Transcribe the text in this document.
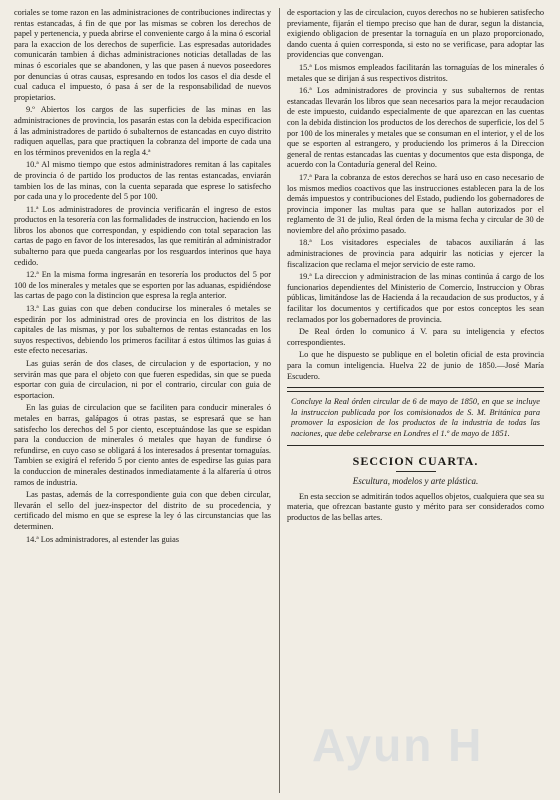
coriales se tome razon en las administraciones de contribuciones indirectas y rentas estancadas, á fin de que por las mismas se cobren los derechos de papel y pertenencia, y pueda abrirse el conveniente cargo á la mina ó escorial para la exaccion de los derechos de superficie. Las espresadas autoridades comunicarán tambien á dichas administraciones noticias detalladas de las minas ó escoriales que se abandonen, y las que pasen á nuevos poseedores por denuncias ú otras causas, espresando en todos los casos el dia desde el cual caduca el impuesto, ó pasa á ser de la responsabilidad de nuevos propietarios.

9.º Abiertos los cargos de las superficies de las minas en las administraciones de provincia, los pasarán estas con la debida especificacion á las administradores de partido ó subalternos de estancadas en cuyo distrito radiquen aquellas, para que practiquen la cobranza del importe de cada una en los términos prevenidos en la regla 4.ª

10.ª Al mismo tiempo que estos administradores remitan á las capitales de provincia ó de partido los productos de las rentas estancadas, enviarán tambien los de las minas, con la cuenta separada que esprese lo satisfecho por cada una y lo procedente del 5 por 100.

11.ª Los administradores de provincia verificarán el ingreso de estos productos en la tesorería con las formalidades de instruccion, haciendo en los libros los abonos que correspondan, y espidiendo con total separacion las cartas de pago en favor de los interesados, las que remitirán al administrador subalterno para que pueda cangearlas por los resguardos interinos que haya cedido.

12.ª En la misma forma ingresarán en tesorería los productos del 5 por 100 de los minerales y metales que se esporten por las aduanas, espidiéndose las cartas de pago con la distincion que espresa la regla anterior.

13.ª Las guias con que deben conducirse los minerales ó metales se espedirán por los administrad ores de provincia en los distritos de las capitales de las mismas, y por los subalternos de rentas estancadas en los suyos respectivos, debiendo los primeros facilitar á estos últimos las guias á este efecto necesarias.

Las guias serán de dos clases, de circulacion y de esportacion, y no servirán mas que para el objeto con que fueren espedidas, sin que se pueda esportar con guia de circulacion, ni por el contrario, circular con guia de esportacion.

En las guias de circulacion que se faciliten para conducir minerales ó metales en barras, galápagos ú otras pastas, se espresará que se han satisfecho los derechos del 5 por ciento, esceptuándose las que se espidan para la conduccion de minerales ó metales que hayan de fundirse ó refundirse, en cuyo caso se obligará á los interesados á presentar tornaguías. Tambien se exigirá el referido 5 por ciento antes de espedirse las guias para la conduccion de minerales destinados inmediatamente á la alfarería ú otros ramos de industria.

Las pastas, además de la correspondiente guia con que deben circular, llevarán el sello del juez-inspector del distrito de su procedencia, y certificado del mismo en que se esprese la ley ó las circunstancias que las determinen.

14.ª Los administradores, al estender las guias

de esportacion y las de circulacion, cuyos derechos no se hubieren satisfecho previamente, fijarán el tiempo preciso que han de durar, segun la distancia, exigiendo obligacion de presentar la tornaguía en un plazo proporcionado, dando cuenta á quien corresponda, si esto no se verificase, para adoptar las providencias que convengan.

15.ª Los mismos empleados facilitarán las tornaguías de los minerales ó metales que se dirijan á sus respectivos distritos.

16.ª Los administradores de provincia y sus subalternos de rentas estancadas llevarán los libros que sean necesarios para la mejor recaudacion de este impuesto, cuidando especialmente de que aparezcan en las cuentas con la debida distincion los productos de los derechos de superficie, los del 5 por 100 de los minerales y metales que se consuman en el interior, y el de los que se esporten al estrangero, y produciendo los primeros á la Direccion general de rentas estancadas las cuentas y documentos que esta disponga, de acuerdo con la Contaduría general del Reino.

17.ª Para la cobranza de estos derechos se hará uso en caso necesario de los mismos medios coactivos que las instrucciones establecen para la de los demás impuestos y contribuciones del Estado, pudiendo los gobernadores de provincia imponer las multas para que se hallan autorizados por el reglamento de 31 de julio, Real órden de la misma fecha y circular de 30 de noviembre del año próximo pasado.

18.ª Los visitadores especiales de tabacos auxiliarán á las administraciones de provincia para adquirir las noticias y ejercer la fiscalizacion que reclama el mejor servicio de este ramo.

19.ª La direccion y administracion de las minas continúa á cargo de los funcionarios dependientes del Ministerio de Comercio, Instruccion y Obras públicas, limitándose las de Hacienda á la recaudacion de sus productos, y á facilitar los documentos y certificados que por estos conceptos les sean reclamados por los gobernadores de provincia.

De Real órden lo comunico á V. para su inteligencia y efectos correspondientes.

Lo que he dispuesto se publique en el boletin oficial de esta provincia para la comun inteligencia. Huelva 22 de junio de 1850.—José María Escudero.

Concluye la Real órden circular de 6 de mayo de 1850, en que se incluye la instruccion publicada por los comisionados de S. M. Británica para promover la esposicion de los productos de la industria de todas las naciones, que debe celebrarse en Londres el 1.º de mayo de 1851.
SECCION CUARTA.
Escultura, modelos y arte plástica.

En esta seccion se admitirán todos aquellos objetos, cualquiera que sea su materia, que ofrezcan bastante gusto y mérito para ser considerados como productos de las bellas artes.

Ayun H
